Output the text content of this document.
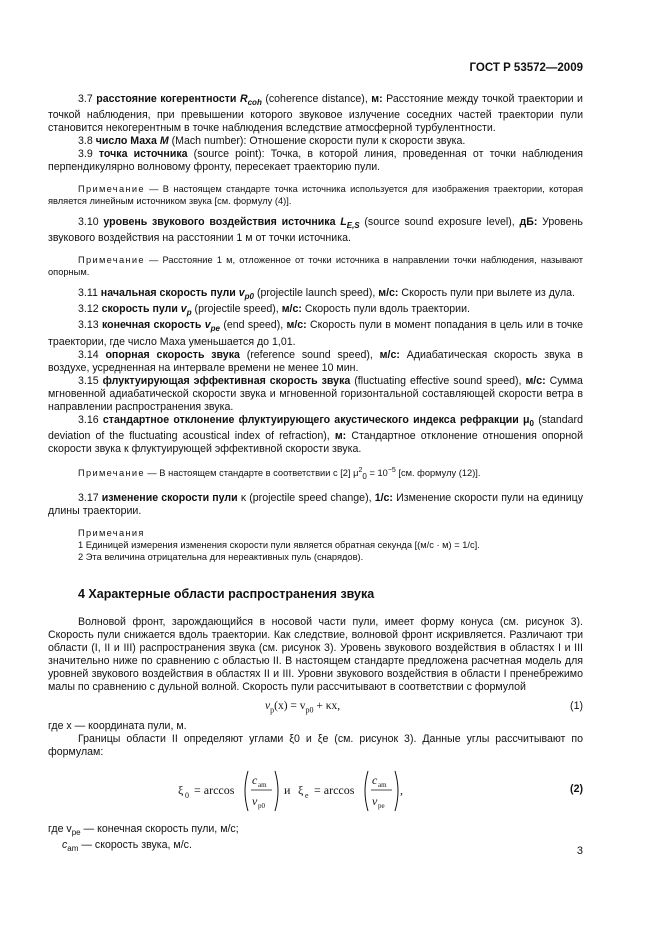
ГОСТ Р 53572—2009

3.7 расстояние когерентности $R_{coh}$ (coherence distance), м: Расстояние между точкой траектории и точкой наблюдения, при превышении которого звуковое излучение соседних частей траектории пули становится некогерентным в точке наблюдения вследствие атмосферной турбулентности.

3.8 число Маха M (Mach number): Отношение скорости пули к скорости звука.

3.9 точка источника (source point): Точка, в которой линия, проведенная от точки наблюдения перпендикулярно волновому фронту, пересекает траекторию пули.

Примечание — В настоящем стандарте точка источника используется для изображения траектории, которая является линейным источником звука [см. формулу (4)].

3.10 уровень звукового воздействия источника $L_{E,S}$ (source sound exposure level), дБ: Уровень звукового воздействия на расстоянии 1 м от точки источника.

Примечание — Расстояние 1 м, отложенное от точки источника в направлении точки наблюдения, называют опорным.

3.11 начальная скорость пули $v_{p0}$ (projectile launch speed), м/с: Скорость пули при вылете из дула.

3.12 скорость пули $v_p$ (projectile speed), м/с: Скорость пули вдоль траектории.

3.13 конечная скорость $v_{pe}$ (end speed), м/с: Скорость пули в момент попадания в цель или в точке траектории, где число Маха уменьшается до 1,01.

3.14 опорная скорость звука (reference sound speed), м/с: Адиабатическая скорость звука в воздухе, усредненная на интервале времени не менее 10 мин.

3.15 флуктуирующая эффективная скорость звука (fluctuating effective sound speed), м/с: Сумма мгновенной адиабатической скорости звука и мгновенной горизонтальной составляющей скорости ветра в направлении распространения звука.

3.16 стандартное отклонение флуктуирующего акустического индекса рефракции $\mu_0$ (standard deviation of the fluctuating acoustical index of refraction), м: Стандартное отклонение отношения опорной скорости звука к флуктуирующей эффективной скорости звука.

Примечание — В настоящем стандарте в соответствии с [2] $\mu^2_0 = 10^{-5}$ [см. формулу (12)].

3.17 изменение скорости пули κ (projectile speed change), 1/с: Изменение скорости пули на единицу длины траектории.

Примечания

1 Единицей измерения изменения скорости пули является обратная секунда [(м/с · м) = 1/с].

2 Эта величина отрицательна для нереактивных пуль (снарядов).

4 Характерные области распространения звука

Волновой фронт, зарождающийся в носовой части пули, имеет форму конуса (см. рисунок 3). Скорость пули снижается вдоль траектории. Как следствие, волновой фронт искривляется. Различают три области (I, II и III) распространения звука (см. рисунок 3). Уровень звукового воздействия в областях I и III значительно ниже по сравнению с областью II. В настоящем стандарте предложена расчетная модель для уровней звукового воздействия в областях II и III. Уровни звукового воздействия в области I пренебрежимо малы по сравнению с дульной волной. Скорость пули рассчитывают в соответствии с формулой

$v_p(x) = v_{p0} + \kappa x$,	(1)

где x — координата пули, м.

Границы области II определяют углами ξ0 и ξe (см. рисунок 3). Данные углы рассчитывают по формулам:

ξ 0 = arccos
c am
v p0
и ξ e = arccos
c am
v pe
,	(2)

где $v_{pe}$ — конечная скорость пули, м/с;

$c_{am}$ — скорость звука, м/с.

3
